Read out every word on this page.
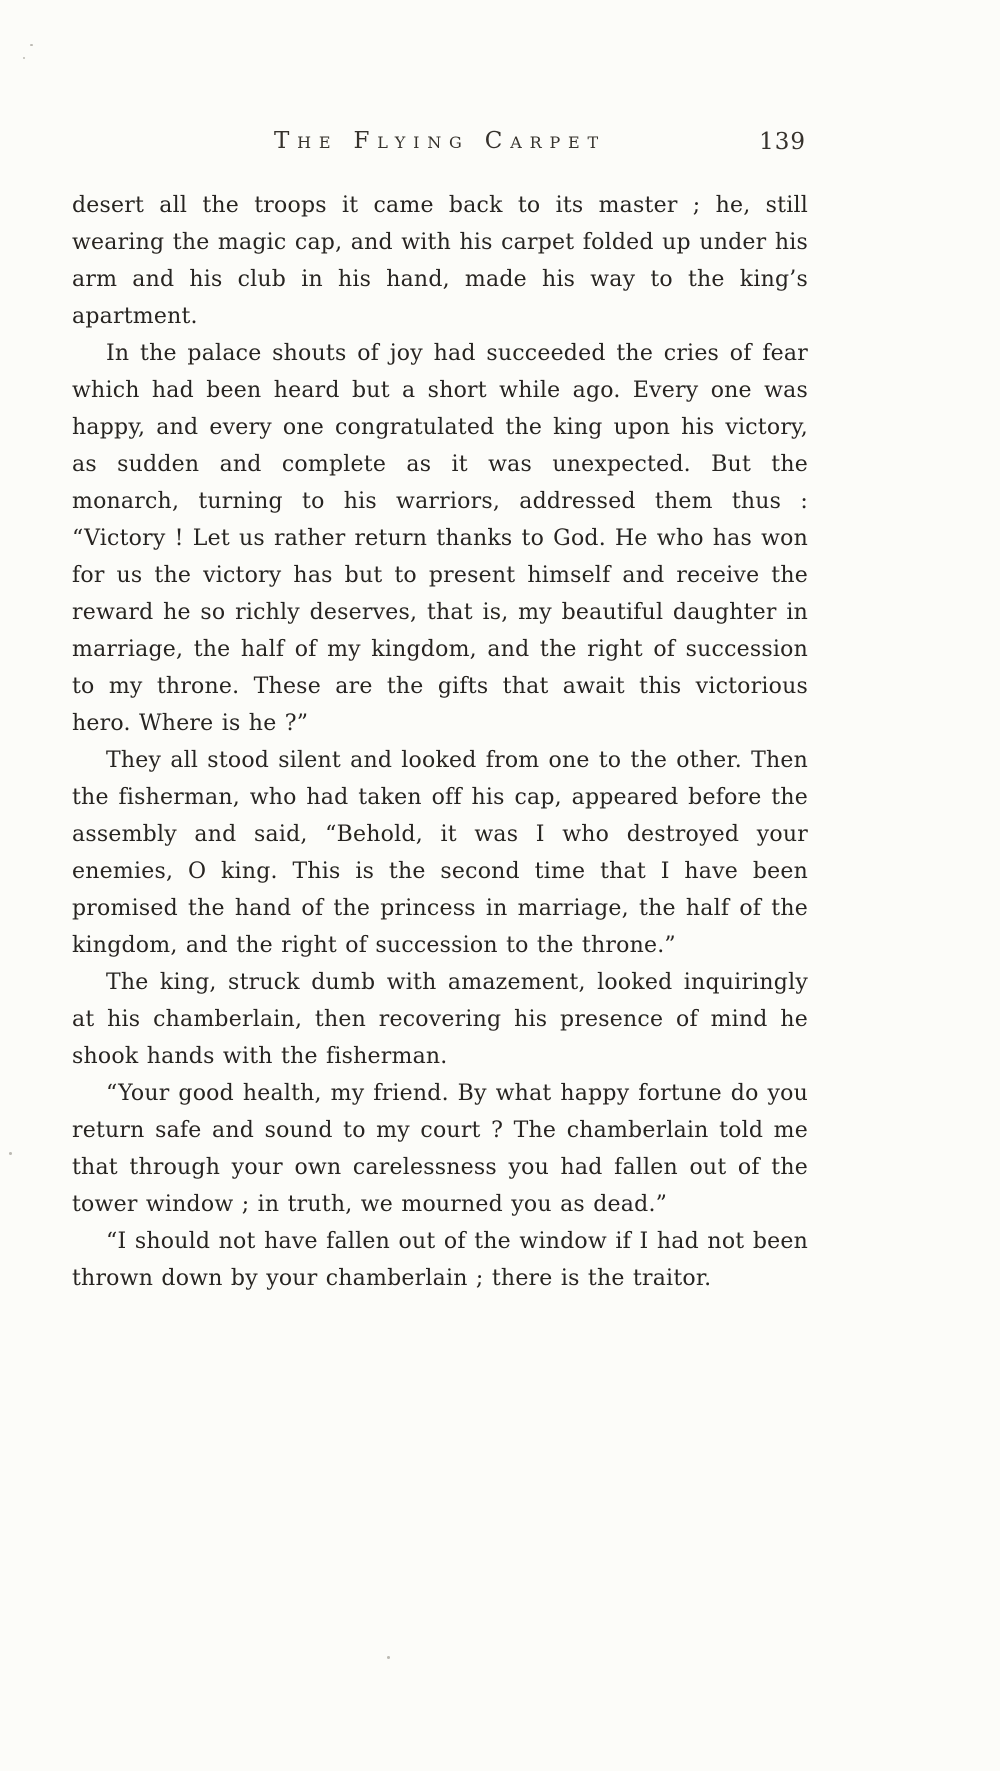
The Flying Carpet	139

desert all the troops it came back to its master ; he, still wearing the magic cap, and with his carpet folded up under his arm and his club in his hand, made his way to the king’s apartment.

In the palace shouts of joy had succeeded the cries of fear which had been heard but a short while ago. Every one was happy, and every one congratulated the king upon his victory, as sudden and complete as it was unexpected. But the monarch, turning to his warriors, addressed them thus : “Victory ! Let us rather return thanks to God. He who has won for us the victory has but to present himself and receive the reward he so richly deserves, that is, my beautiful daughter in marriage, the half of my kingdom, and the right of succession to my throne. These are the gifts that await this victorious hero. Where is he ?”

They all stood silent and looked from one to the other. Then the fisherman, who had taken off his cap, appeared before the assembly and said, “Behold, it was I who destroyed your enemies, O king. This is the second time that I have been promised the hand of the princess in marriage, the half of the kingdom, and the right of succession to the throne.”

The king, struck dumb with amazement, looked inquiringly at his chamberlain, then recovering his presence of mind he shook hands with the fisherman.

“Your good health, my friend. By what happy fortune do you return safe and sound to my court ? The chamberlain told me that through your own carelessness you had fallen out of the tower window ; in truth, we mourned you as dead.”

“I should not have fallen out of the window if I had not been thrown down by your chamberlain ; there is the traitor.
